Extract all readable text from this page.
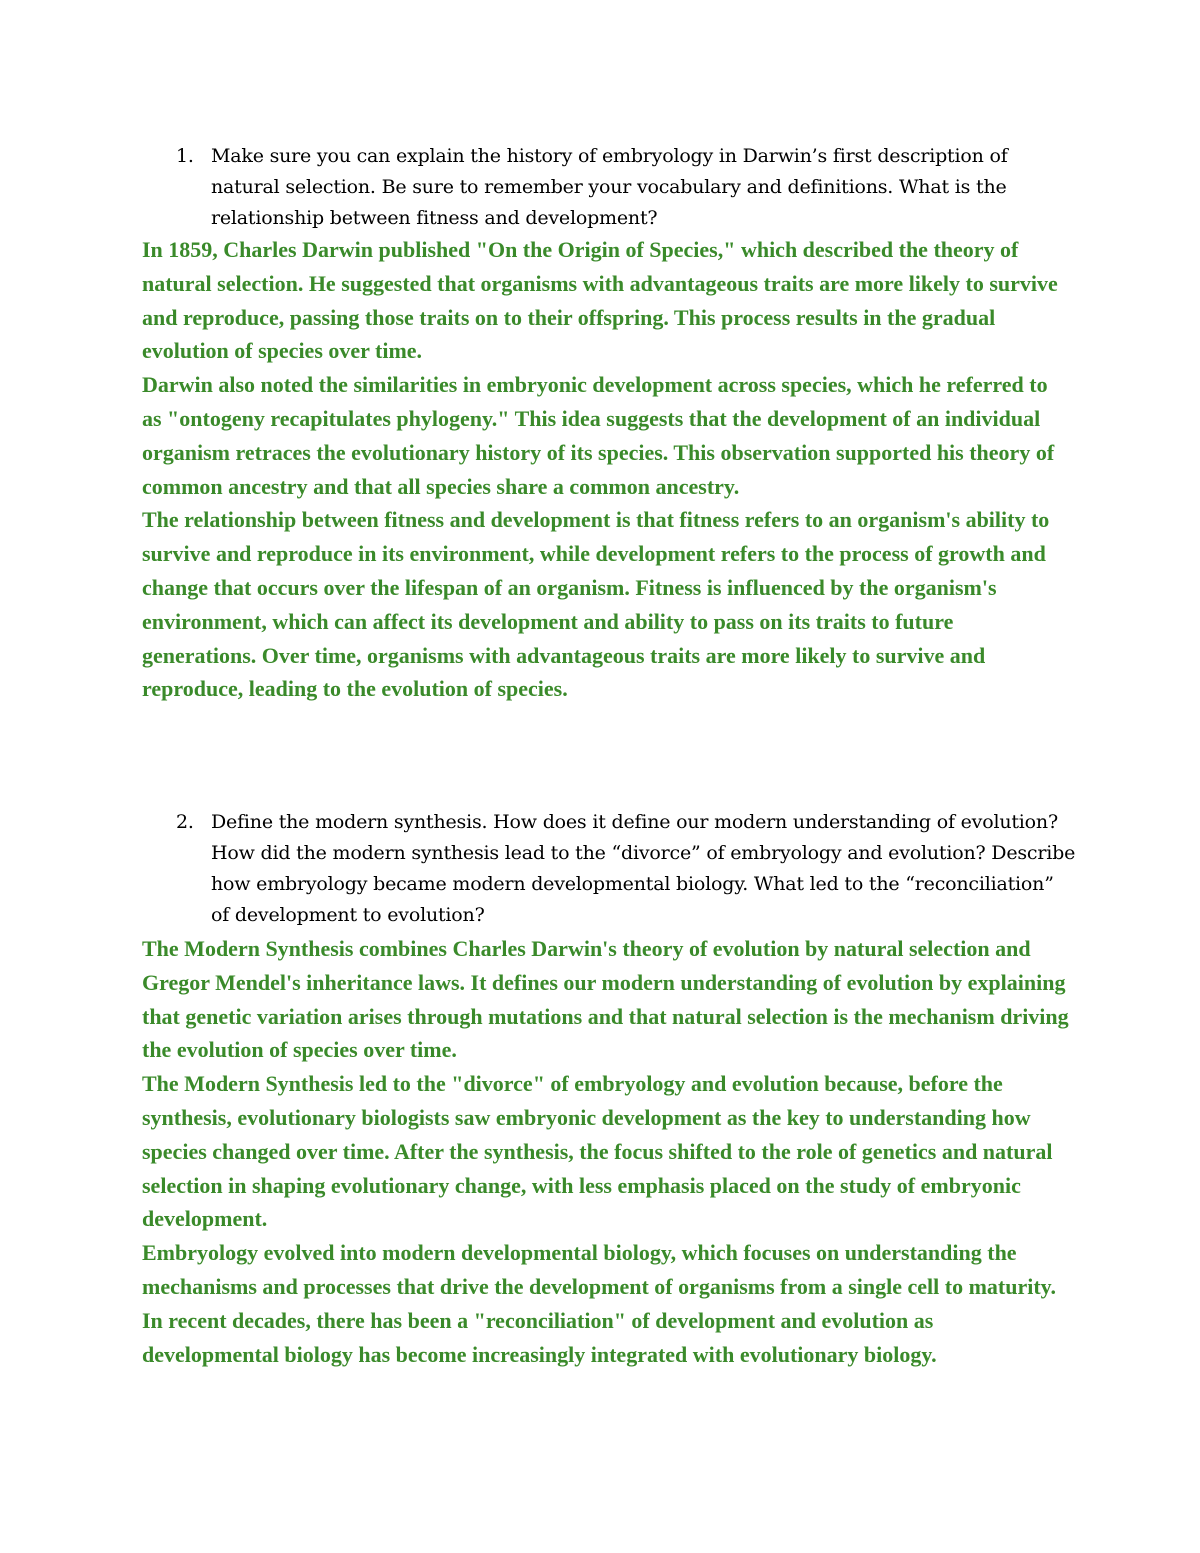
1. Make sure you can explain the history of embryology in Darwin’s first description of natural selection. Be sure to remember your vocabulary and definitions. What is the relationship between fitness and development?

In 1859, Charles Darwin published "On the Origin of Species," which described the theory of natural selection. He suggested that organisms with advantageous traits are more likely to survive and reproduce, passing those traits on to their offspring. This process results in the gradual evolution of species over time.

Darwin also noted the similarities in embryonic development across species, which he referred to as "ontogeny recapitulates phylogeny." This idea suggests that the development of an individual organism retraces the evolutionary history of its species. This observation supported his theory of common ancestry and that all species share a common ancestry.

The relationship between fitness and development is that fitness refers to an organism's ability to survive and reproduce in its environment, while development refers to the process of growth and change that occurs over the lifespan of an organism. Fitness is influenced by the organism's environment, which can affect its development and ability to pass on its traits to future generations. Over time, organisms with advantageous traits are more likely to survive and reproduce, leading to the evolution of species.

2. Define the modern synthesis. How does it define our modern understanding of evolution? How did the modern synthesis lead to the “divorce” of embryology and evolution? Describe how embryology became modern developmental biology. What led to the “reconciliation” of development to evolution?

The Modern Synthesis combines Charles Darwin's theory of evolution by natural selection and Gregor Mendel's inheritance laws. It defines our modern understanding of evolution by explaining that genetic variation arises through mutations and that natural selection is the mechanism driving the evolution of species over time.

The Modern Synthesis led to the "divorce" of embryology and evolution because, before the synthesis, evolutionary biologists saw embryonic development as the key to understanding how species changed over time. After the synthesis, the focus shifted to the role of genetics and natural selection in shaping evolutionary change, with less emphasis placed on the study of embryonic development.

Embryology evolved into modern developmental biology, which focuses on understanding the mechanisms and processes that drive the development of organisms from a single cell to maturity.

In recent decades, there has been a "reconciliation" of development and evolution as developmental biology has become increasingly integrated with evolutionary biology.
